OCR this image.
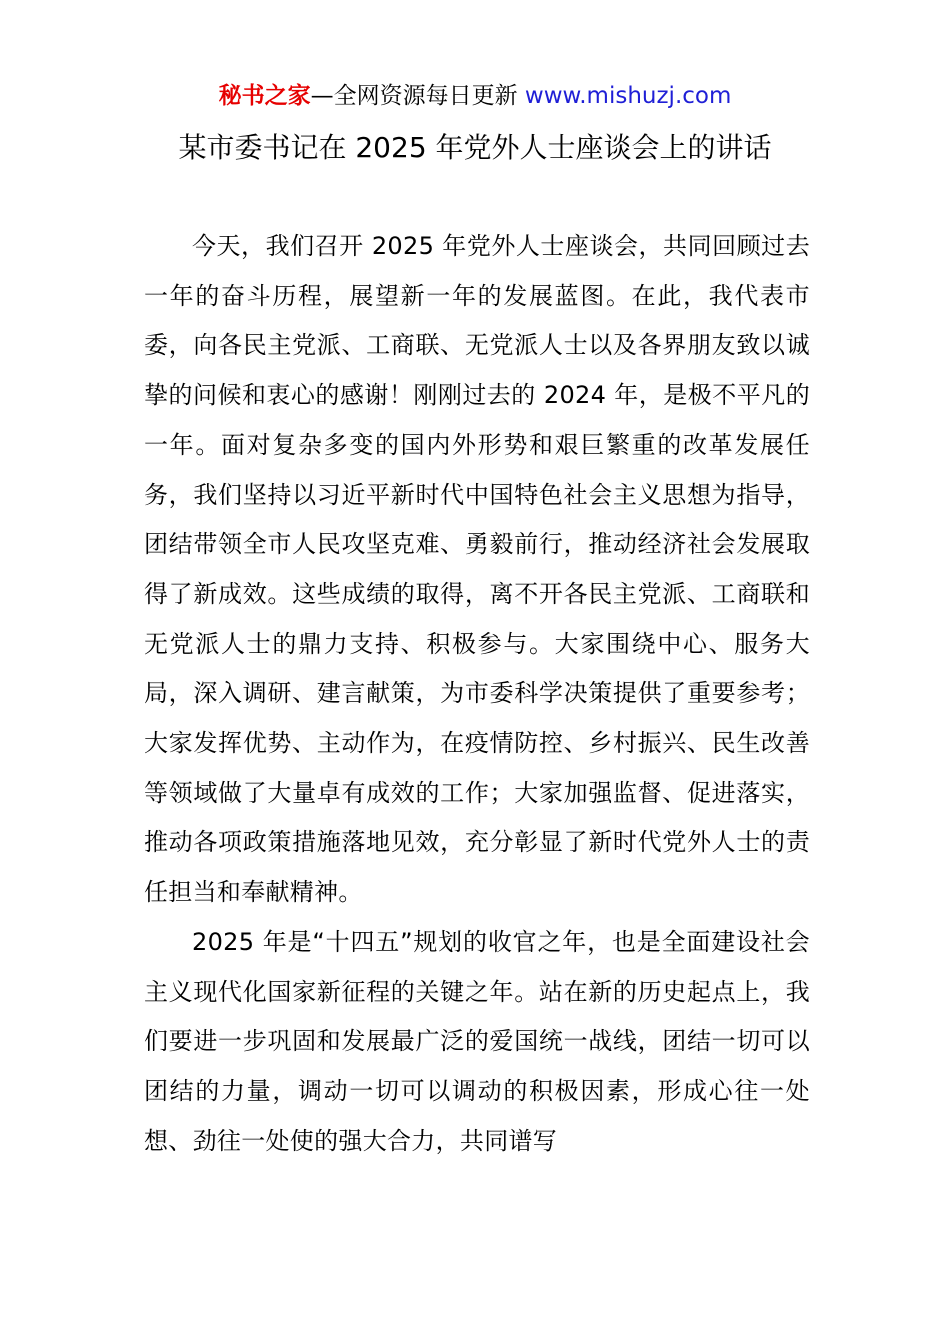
秘书之家—全网资源每日更新 www.mishuzj.com
某市委书记在 2025 年党外人士座谈会上的讲话

今天，我们召开 2025 年党外人士座谈会，共同回顾过去一年的奋斗历程，展望新一年的发展蓝图。在此，我代表市委，向各民主党派、工商联、无党派人士以及各界朋友致以诚挚的问候和衷心的感谢！刚刚过去的 2024 年，是极不平凡的一年。面对复杂多变的国内外形势和艰巨繁重的改革发展任务，我们坚持以习近平新时代中国特色社会主义思想为指导，团结带领全市人民攻坚克难、勇毅前行，推动经济社会发展取得了新成效。这些成绩的取得，离不开各民主党派、工商联和无党派人士的鼎力支持、积极参与。大家围绕中心、服务大局，深入调研、建言献策，为市委科学决策提供了重要参考；大家发挥优势、主动作为，在疫情防控、乡村振兴、民生改善等领域做了大量卓有成效的工作；大家加强监督、促进落实，推动各项政策措施落地见效，充分彰显了新时代党外人士的责任担当和奉献精神。

2025 年是“十四五”规划的收官之年，也是全面建设社会主义现代化国家新征程的关键之年。站在新的历史起点上，我们要进一步巩固和发展最广泛的爱国统一战线，团结一切可以团结的力量，调动一切可以调动的积极因素，形成心往一处想、劲往一处使的强大合力，共同谱写
